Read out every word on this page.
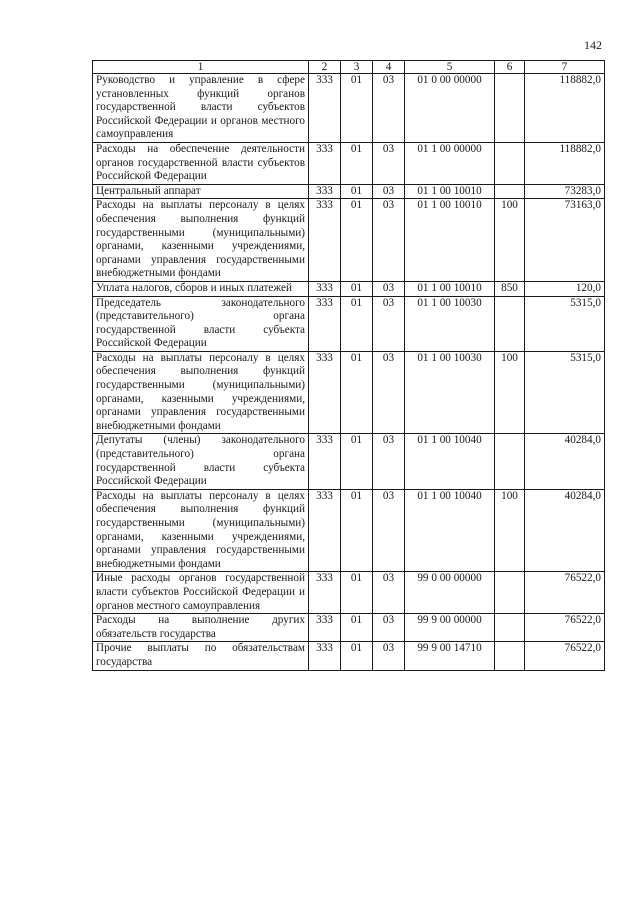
142
1	2	3	4	5	6	7
Руководство и управление в сфере установленных функций органов государственной власти субъектов Российской Федерации и органов местного самоуправления	333	01	03	01 0 00 00000		118882,0
Расходы на обеспечение деятельности органов государственной власти субъектов Российской Федерации	333	01	03	01 1 00 00000		118882,0
Центральный аппарат	333	01	03	01 1 00 10010		73283,0
Расходы на выплаты персоналу в целях обеспечения выполнения функций государственными (муниципальными) органами, казенными учреждениями, органами управления государственными внебюджетными фондами	333	01	03	01 1 00 10010	100	73163,0
Уплата налогов, сборов и иных платежей	333	01	03	01 1 00 10010	850	120,0
Председатель законодательного (представительного) органа государственной власти субъекта Российской Федерации	333	01	03	01 1 00 10030		5315,0
Расходы на выплаты персоналу в целях обеспечения выполнения функций государственными (муниципальными) органами, казенными учреждениями, органами управления государственными внебюджетными фондами	333	01	03	01 1 00 10030	100	5315,0
Депутаты (члены) законодательного (представительного) органа государственной власти субъекта Российской Федерации	333	01	03	01 1 00 10040		40284,0
Расходы на выплаты персоналу в целях обеспечения выполнения функций государственными (муниципальными) органами, казенными учреждениями, органами управления государственными внебюджетными фондами	333	01	03	01 1 00 10040	100	40284,0
Иные расходы органов государственной власти субъектов Российской Федерации и органов местного самоуправления	333	01	03	99 0 00 00000		76522,0
Расходы на выполнение других обязательств государства	333	01	03	99 9 00 00000		76522,0
Прочие выплаты по обязательствам государства	333	01	03	99 9 00 14710		76522,0
